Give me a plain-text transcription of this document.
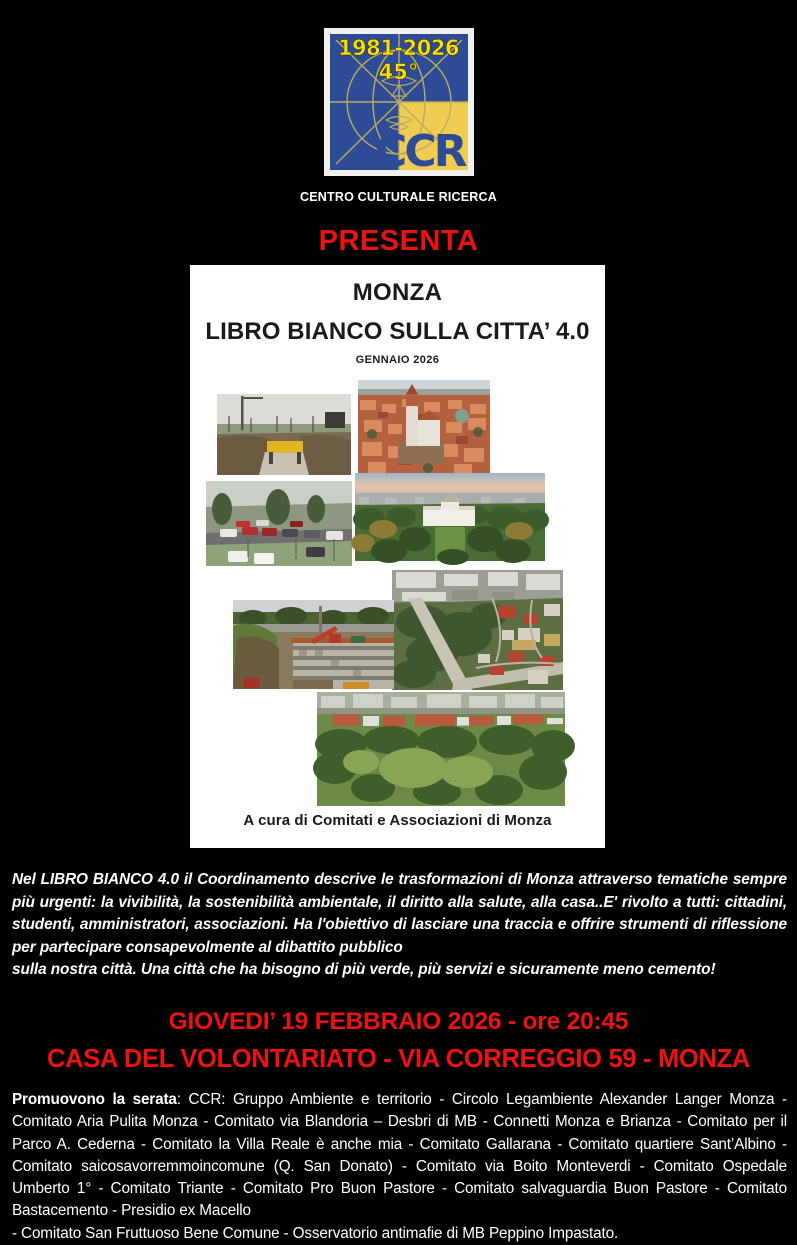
1981-2026
45°
CCR
CENTRO CULTURALE RICERCA
PRESENTA
MONZA
LIBRO BIANCO SULLA CITTA’ 4.0
GENNAIO 2026
A cura di Comitati e Associazioni di Monza
Nel LIBRO BIANCO 4.0 il Coordinamento descrive le trasformazioni di Monza attraverso tematiche sempre più urgenti: la vivibilità, la sostenibilità ambientale, il diritto alla salute, alla casa..E' rivolto a tutti: cittadini, studenti, amministratori, associazioni. Ha l'obiettivo di lasciare una traccia e offrire strumenti di riflessione per partecipare consapevolmente al dibattito pubblico
sulla nostra città. Una città che ha bisogno di più verde, più servizi e sicuramente meno cemento!
GIOVEDI’ 19 FEBBRAIO 2026 - ore 20:45
CASA DEL VOLONTARIATO - VIA CORREGGIO 59 - MONZA
Promuovono la serata: CCR: Gruppo Ambiente e territorio - Circolo Legambiente Alexander Langer Monza - Comitato Aria Pulita Monza - Comitato via Blandoria – Desbri di MB - Connetti Monza e Brianza - Comitato per il Parco A. Cederna - Comitato la Villa Reale è anche mia - Comitato Gallarana - Comitato quartiere Sant’Albino - Comitato saicosavorremmoincomune (Q. San Donato) - Comitato via Boito Monteverdi - Comitato Ospedale Umberto 1° - Comitato Triante - Comitato Pro Buon Pastore - Comitato salvaguardia Buon Pastore - Comitato Bastacemento - Presidio ex Macello
- Comitato San Fruttuoso Bene Comune - Osservatorio antimafie di MB Peppino Impastato.
